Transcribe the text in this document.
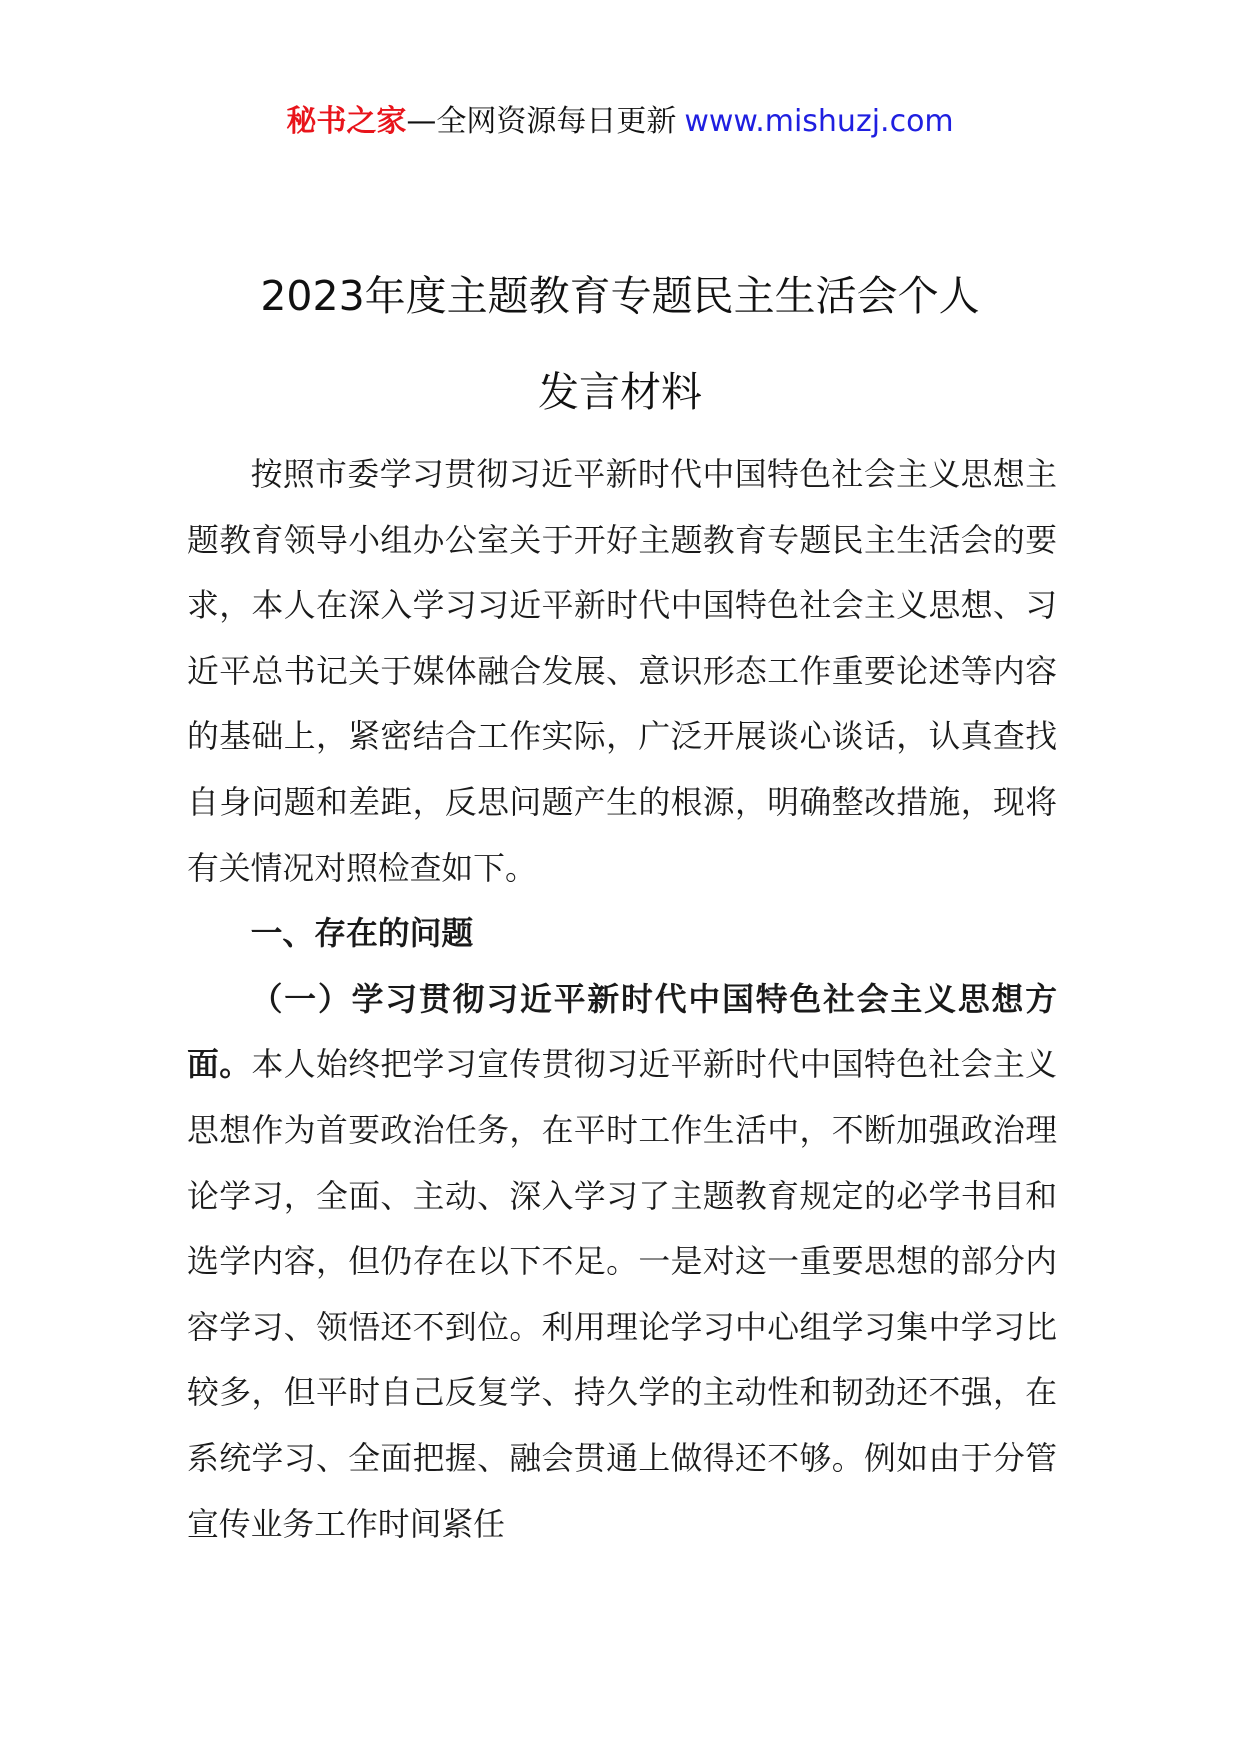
秘书之家—全网资源每日更新 www.mishuzj.com
2023年度主题教育专题民主生活会个人
发言材料

按照市委学习贯彻习近平新时代中国特色社会主义思想主题教育领导小组办公室关于开好主题教育专题民主生活会的要求，本人在深入学习习近平新时代中国特色社会主义思想、习近平总书记关于媒体融合发展、意识形态工作重要论述等内容的基础上，紧密结合工作实际，广泛开展谈心谈话，认真查找自身问题和差距，反思问题产生的根源，明确整改措施，现将有关情况对照检查如下。

一、存在的问题

（一）学习贯彻习近平新时代中国特色社会主义思想方面。本人始终把学习宣传贯彻习近平新时代中国特色社会主义思想作为首要政治任务，在平时工作生活中，不断加强政治理论学习，全面、主动、深入学习了主题教育规定的必学书目和选学内容，但仍存在以下不足。一是对这一重要思想的部分内容学习、领悟还不到位。利用理论学习中心组学习集中学习比较多，但平时自己反复学、持久学的主动性和韧劲还不强，在系统学习、全面把握、融会贯通上做得还不够。例如由于分管宣传业务工作时间紧任
